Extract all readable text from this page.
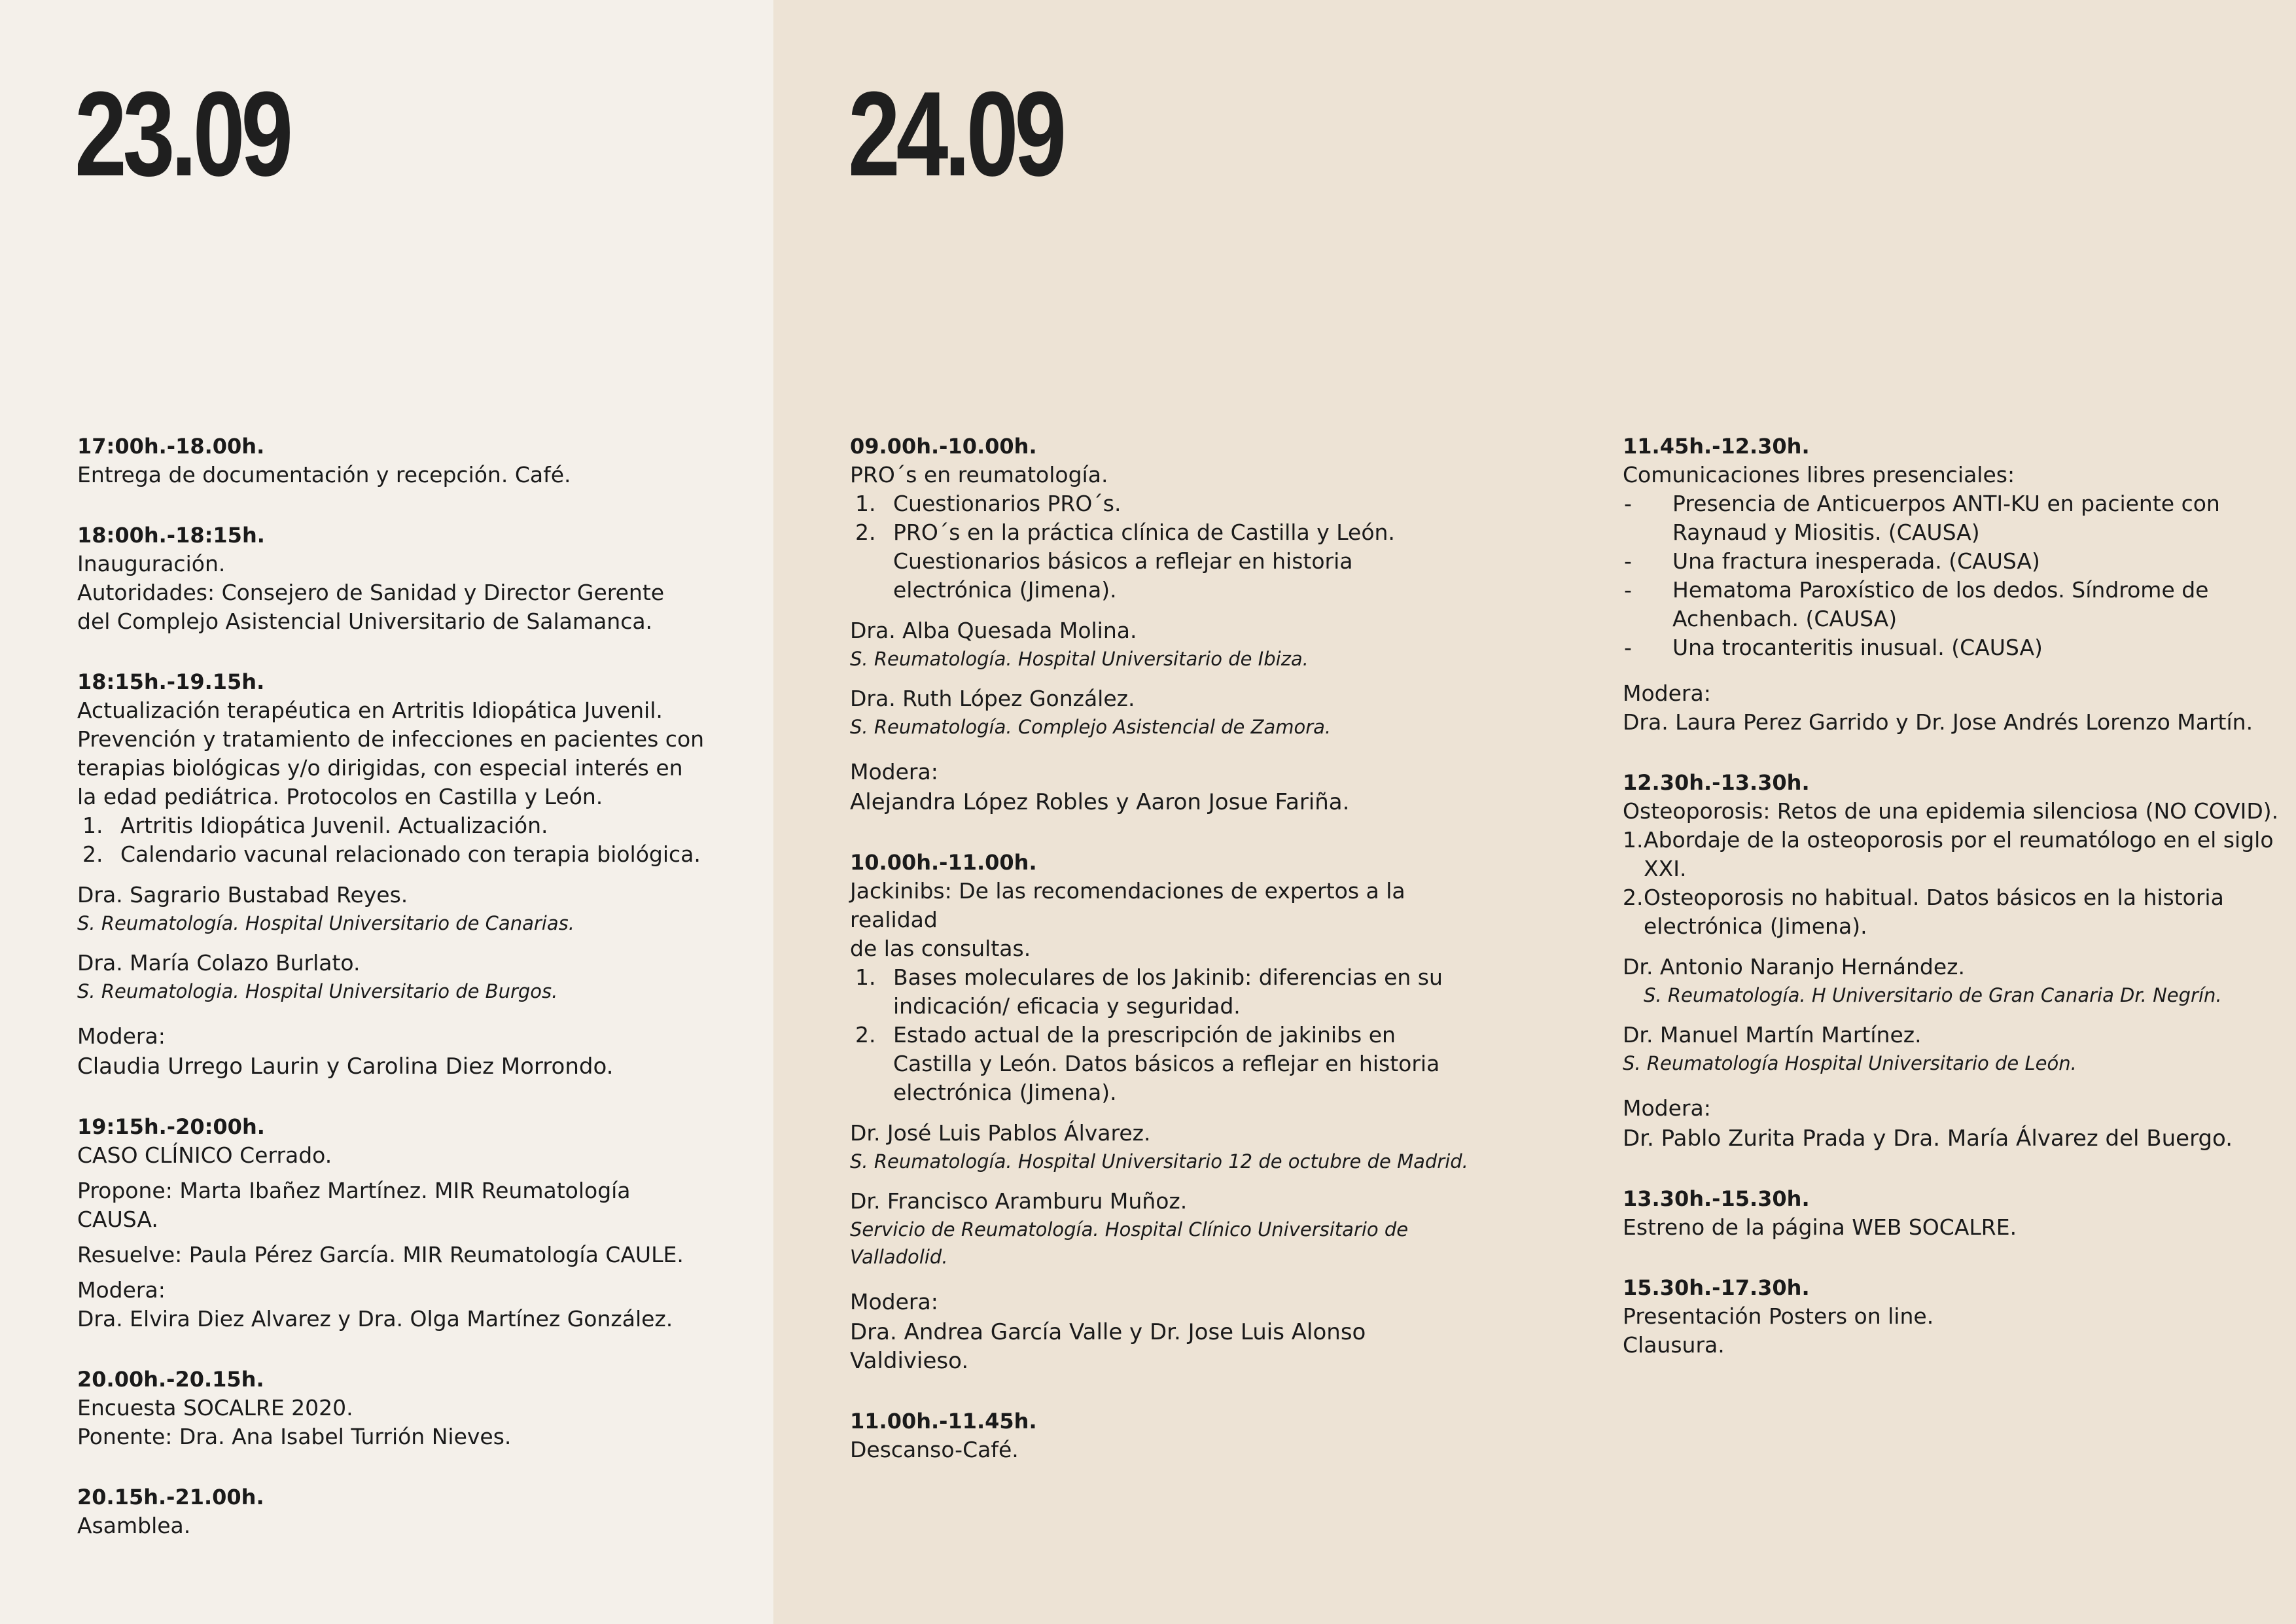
23.09	24.09

17:00h.-18.00h.

Entrega de documentación y recepción. Café.

18:00h.-18:15h.

Inauguración.

Autoridades: Consejero de Sanidad y Director Gerente

del Complejo Asistencial Universitario de Salamanca.

18:15h.-19.15h.

Actualización terapéutica en Artritis Idiopática Juvenil.

Prevención y tratamiento de infecciones en pacientes con

terapias biológicas y/o dirigidas, con especial interés en

la edad pediátrica. Protocolos en Castilla y León.

1. Artritis Idiopática Juvenil. Actualización.
2. Calendario vacunal relacionado con terapia biológica.

Dra. Sagrario Bustabad Reyes.

S. Reumatología. Hospital Universitario de Canarias.

Dra. María Colazo Burlato.

S. Reumatologia. Hospital Universitario de Burgos.

Modera:

Claudia Urrego Laurin y Carolina Diez Morrondo.

19:15h.-20:00h.

CASO CLÍNICO Cerrado.

Propone: Marta Ibañez Martínez. MIR Reumatología CAUSA.

Resuelve: Paula Pérez García. MIR Reumatología CAULE.

Modera:

Dra. Elvira Diez Alvarez y Dra. Olga Martínez González.

20.00h.-20.15h.

Encuesta SOCALRE 2020.

Ponente: Dra. Ana Isabel Turrión Nieves.

20.15h.-21.00h.

Asamblea.

09.00h.-10.00h.

PRO´s en reumatología.

1. Cuestionarios PRO´s.
2. PRO´s en la práctica clínica de Castilla y León. Cuestionarios básicos a reflejar en historia electrónica (Jimena).

Dra. Alba Quesada Molina.

S. Reumatología. Hospital Universitario de Ibiza.

Dra. Ruth López González.

S. Reumatología. Complejo Asistencial de Zamora.

Modera:

Alejandra López Robles y Aaron Josue Fariña.

10.00h.-11.00h.

Jackinibs: De las recomendaciones de expertos a la realidad

de las consultas.

1. Bases moleculares de los Jakinib: diferencias en su indicación/ eficacia y seguridad.
2. Estado actual de la prescripción de jakinibs en Castilla y León. Datos básicos a reflejar en historia electrónica (Jimena).

Dr. José Luis Pablos Álvarez.

S. Reumatología. Hospital Universitario 12 de octubre de Madrid.

Dr. Francisco Aramburu Muñoz.

Servicio de Reumatología. Hospital Clínico Universitario de Valladolid.

Modera:

Dra. Andrea García Valle y Dr. Jose Luis Alonso Valdivieso.

11.00h.-11.45h.

Descanso-Café.

11.45h.-12.30h.

Comunicaciones libres presenciales:

-	Presencia de Anticuerpos ANTI-KU en paciente con Raynaud y Miositis. (CAUSA)
-	Una fractura inesperada. (CAUSA)
-	Hematoma Paroxístico de los dedos. Síndrome de Achenbach. (CAUSA)
-	Una trocanteritis inusual. (CAUSA)

Modera:

Dra. Laura Perez Garrido y Dr. Jose Andrés Lorenzo Martín.

12.30h.-13.30h.

Osteoporosis: Retos de una epidemia silenciosa (NO COVID).

1. Abordaje de la osteoporosis por el reumatólogo en el siglo XXI.
2. Osteoporosis no habitual. Datos básicos en la historia electrónica (Jimena).

Dr. Antonio Naranjo Hernández.

S. Reumatología. H Universitario de Gran Canaria Dr. Negrín.

Dr. Manuel Martín Martínez.

S. Reumatología Hospital Universitario de León.

Modera:

Dr. Pablo Zurita Prada y Dra. María Álvarez del Buergo.

13.30h.-15.30h.

Estreno de la página WEB SOCALRE.

15.30h.-17.30h.

Presentación Posters on line.

Clausura.
